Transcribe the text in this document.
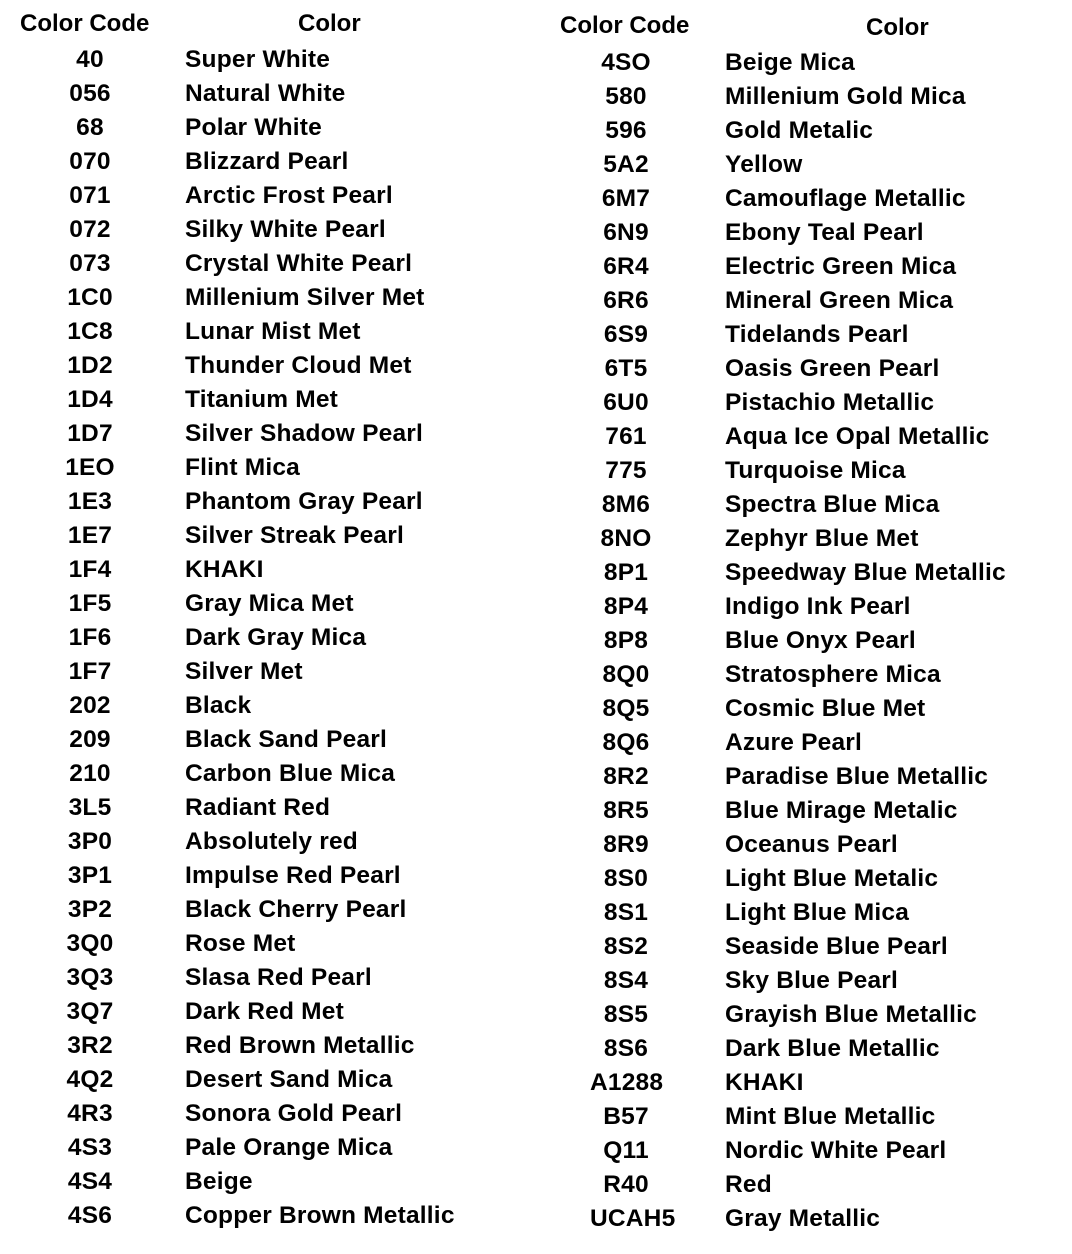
Color Code	Color
40	Super White
056	Natural White
68	Polar White
070	Blizzard Pearl
071	Arctic Frost Pearl
072	Silky White Pearl
073	Crystal White Pearl
1C0	Millenium Silver Met
1C8	Lunar Mist Met
1D2	Thunder Cloud Met
1D4	Titanium Met
1D7	Silver Shadow Pearl
1EO	Flint Mica
1E3	Phantom Gray Pearl
1E7	Silver Streak Pearl
1F4	KHAKI
1F5	Gray Mica Met
1F6	Dark Gray Mica
1F7	Silver Met
202	Black
209	Black Sand Pearl
210	Carbon Blue Mica
3L5	Radiant Red
3P0	Absolutely red
3P1	Impulse Red Pearl
3P2	Black Cherry Pearl
3Q0	Rose Met
3Q3	Slasa Red Pearl
3Q7	Dark Red Met
3R2	Red Brown Metallic
4Q2	Desert Sand Mica
4R3	Sonora Gold Pearl
4S3	Pale Orange Mica
4S4	Beige
4S6	Copper Brown Metallic
Color Code	Color
4SO	Beige Mica
580	Millenium Gold Mica
596	Gold Metalic
5A2	Yellow
6M7	Camouflage Metallic
6N9	Ebony Teal Pearl
6R4	Electric Green Mica
6R6	Mineral Green Mica
6S9	Tidelands Pearl
6T5	Oasis Green Pearl
6U0	Pistachio Metallic
761	Aqua Ice Opal Metallic
775	Turquoise Mica
8M6	Spectra Blue Mica
8NO	Zephyr Blue Met
8P1	Speedway Blue Metallic
8P4	Indigo Ink Pearl
8P8	Blue Onyx Pearl
8Q0	Stratosphere Mica
8Q5	Cosmic Blue Met
8Q6	Azure Pearl
8R2	Paradise Blue Metallic
8R5	Blue Mirage Metalic
8R9	Oceanus Pearl
8S0	Light Blue Metalic
8S1	Light Blue Mica
8S2	Seaside Blue Pearl
8S4	Sky Blue Pearl
8S5	Grayish Blue Metallic
8S6	Dark Blue Metallic
A1288	KHAKI
B57	Mint Blue Metallic
Q11	Nordic White Pearl
R40	Red
UCAH5 Gray Metallic
